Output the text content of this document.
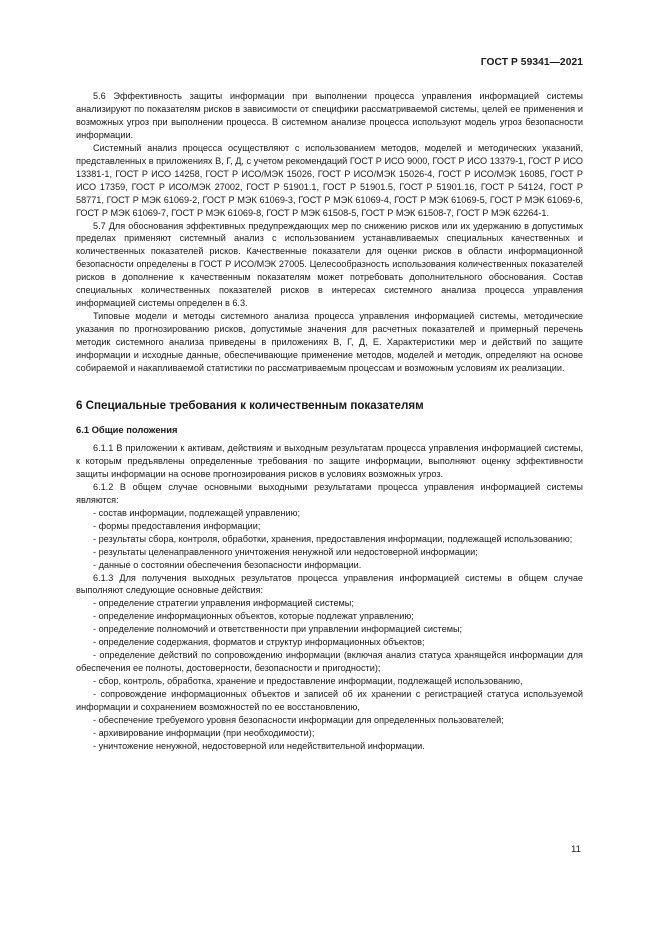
ГОСТ Р 59341—2021

5.6 Эффективность защиты информации при выполнении процесса управления информацией системы анализируют по показателям рисков в зависимости от специфики рассматриваемой системы, целей ее применения и возможных угроз при выполнении процесса. В системном анализе процесса используют модель угроз безопасности информации.

Системный анализ процесса осуществляют с использованием методов, моделей и методических указаний, представленных в приложениях В, Г, Д, с учетом рекомендаций ГОСТ Р ИСО 9000, ГОСТ Р ИСО 13379-1, ГОСТ Р ИСО 13381-1, ГОСТ Р ИСО 14258, ГОСТ Р ИСО/МЭК 15026, ГОСТ Р ИСО/МЭК 15026-4, ГОСТ Р ИСО/МЭК 16085, ГОСТ Р ИСО 17359, ГОСТ Р ИСО/МЭК 27002, ГОСТ Р 51901.1, ГОСТ Р 51901.5, ГОСТ Р 51901.16, ГОСТ Р 54124, ГОСТ Р 58771, ГОСТ Р МЭК 61069-2, ГОСТ Р МЭК 61069-3, ГОСТ Р МЭК 61069-4, ГОСТ Р МЭК 61069-5, ГОСТ Р МЭК 61069-6, ГОСТ Р МЭК 61069-7, ГОСТ Р МЭК 61069-8, ГОСТ Р МЭК 61508-5, ГОСТ Р МЭК 61508-7, ГОСТ Р МЭК 62264-1.

5.7 Для обоснования эффективных предупреждающих мер по снижению рисков или их удержанию в допустимых пределах применяют системный анализ с использованием устанавливаемых специальных качественных и количественных показателей рисков. Качественные показатели для оценки рисков в области информационной безопасности определены в ГОСТ Р ИСО/МЭК 27005. Целесообразность использования количественных показателей рисков в дополнение к качественным показателям может потребовать дополнительного обоснования. Состав специальных количественных показателей рисков в интересах системного анализа процесса управления информацией системы определен в 6.3.

Типовые модели и методы системного анализа процесса управления информацией системы, методические указания по прогнозированию рисков, допустимые значения для расчетных показателей и примерный перечень методик системного анализа приведены в приложениях В, Г, Д, Е. Характеристики мер и действий по защите информации и исходные данные, обеспечивающие применение методов, моделей и методик, определяют на основе собираемой и накапливаемой статистики по рассматриваемым процессам и возможным условиям их реализации.

6 Специальные требования к количественным показателям
6.1 Общие положения

6.1.1 В приложении к активам, действиям и выходным результатам процесса управления информацией системы, к которым предъявлены определенные требования по защите информации, выполняют оценку эффективности защиты информации на основе прогнозирования рисков в условиях возможных угроз.

6.1.2 В общем случае основными выходными результатами процесса управления информацией системы являются:

- состав информации, подлежащей управлению;

- формы предоставления информации;

- результаты сбора, контроля, обработки, хранения, предоставления информации, подлежащей использованию;

- результаты целенаправленного уничтожения ненужной или недостоверной информации;

- данные о состоянии обеспечения безопасности информации.

6.1.3 Для получения выходных результатов процесса управления информацией системы в общем случае выполняют следующие основные действия:

- определение стратегии управления информацией системы;

- определение информационных объектов, которые подлежат управлению;

- определение полномочий и ответственности при управлении информацией системы;

- определение содержания, форматов и структур информационных объектов;

- определение действий по сопровождению информации (включая анализ статуса хранящейся информации для обеспечения ее полноты, достоверности, безопасности и пригодности);

- сбор, контроль, обработка, хранение и предоставление информации, подлежащей использованию,

- сопровождение информационных объектов и записей об их хранении с регистрацией статуса используемой информации и сохранением возможностей по ее восстановлению,

- обеспечение требуемого уровня безопасности информации для определенных пользователей;

- архивирование информации (при необходимости);

- уничтожение ненужной, недостоверной или недействительной информации.

11
